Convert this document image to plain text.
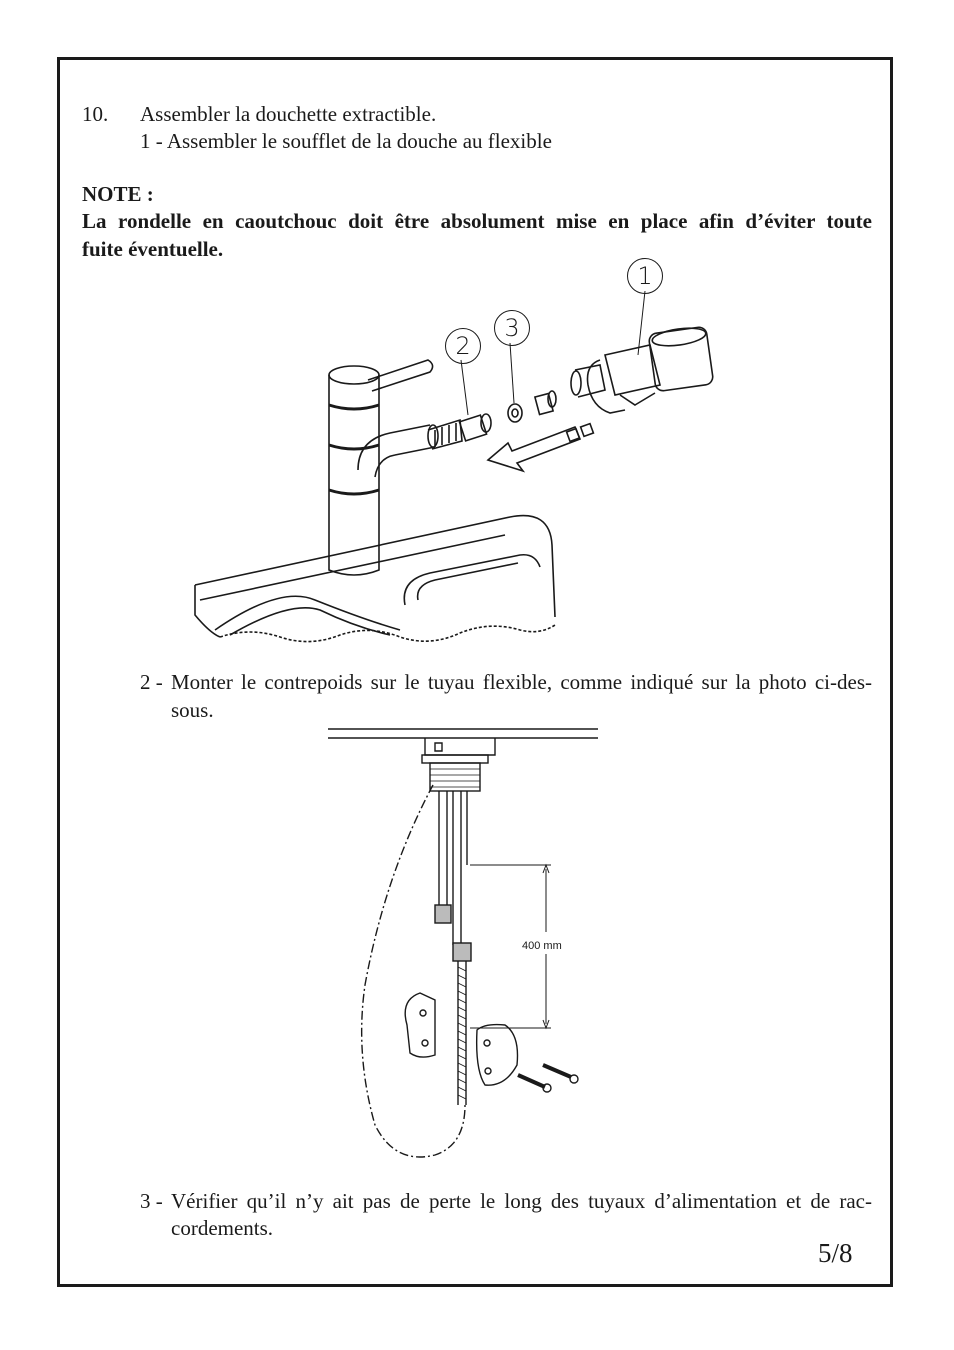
10. Assembler la douchette extractible.
1 - Assembler le soufflet de la douche au flexible
NOTE :
La rondelle en caoutchouc doit être absolument mise en place afin d’éviter toute
fuite éventuelle.
1
2
3
2 - Monter le contrepoids sur le tuyau flexible, comme indiqué sur la photo ci-des-
sous.
400 mm
3 - Vérifier qu’il n’y ait pas de perte le long des tuyaux d’alimentation et de rac-
cordements.
5/8
